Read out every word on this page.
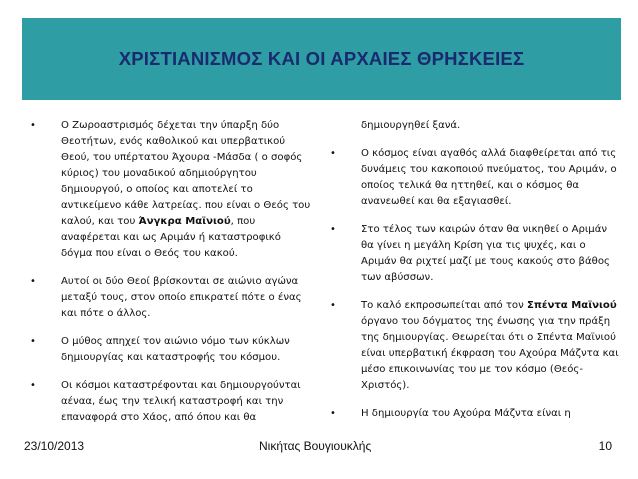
ΧΡΙΣΤΙΑΝΙΣΜΟΣ ΚΑΙ ΟΙ ΑΡΧΑΙΕΣ ΘΡΗΣΚΕΙΕΣ
•	Ο Ζωροαστρισμός δέχεται την ύπαρξη δύο Θεοτήτων, ενός καθολικού και υπερβατικού Θεού, του υπέρτατου Άχουρα -Μάσδα ( ο σοφός κύριος) του μοναδικού αδημιούργητου δημιουργού, ο οποίος και αποτελεί το αντικείμενο κάθε λατρείας. που είναι ο Θεός του καλού, και του Άνγκρα Μαϊνιού, που αναφέρεται και ως Αριμάν ή καταστροφικό δόγμα που είναι ο Θεός του κακού.
•	Αυτοί οι δύο Θεοί βρίσκονται σε αιώνιο αγώνα μεταξύ τους, στον οποίο επικρατεί πότε ο ένας και πότε ο άλλος.
•	Ο μύθος απηχεί τον αιώνιο νόμο των κύκλων δημιουργίας και καταστροφής του κόσμου.
•	Οι κόσμοι καταστρέφονται και δημιουργούνται αέναα, έως την τελική καταστροφή και την επαναφορά στο Χάος, από όπου και θα
δημιουργηθεί ξανά.
•	Ο κόσμος είναι αγαθός αλλά διαφθείρεται από τις δυνάμεις του κακοποιού πνεύματος, του Αριμάν, ο οποίος τελικά θα ηττηθεί, και ο κόσμος θα ανανεωθεί και θα εξαγιασθεί.
•	Στο τέλος των καιρών όταν θα νικηθεί ο Αριμάν θα γίνει η μεγάλη Κρίση για τις ψυχές, και ο Αριμάν θα ριχτεί μαζί με τους κακούς στο βάθος των αβύσσων.
•	Το καλό εκπροσωπείται από τον Σπέντα Μαϊνιού όργανο του δόγματος της ένωσης για την πράξη της δημιουργίας. Θεωρείται ότι ο Σπέντα Μαϊνιού είναι υπερβατική έκφραση του Αχούρα Μάζντα και μέσο επικοινωνίας του με τον κόσμο (Θεός-Χριστός).
•	Η δημιουργία του Αχούρα Μάζντα είναι η
23/10/2013	Νικήτας Βουγιουκλής	10
